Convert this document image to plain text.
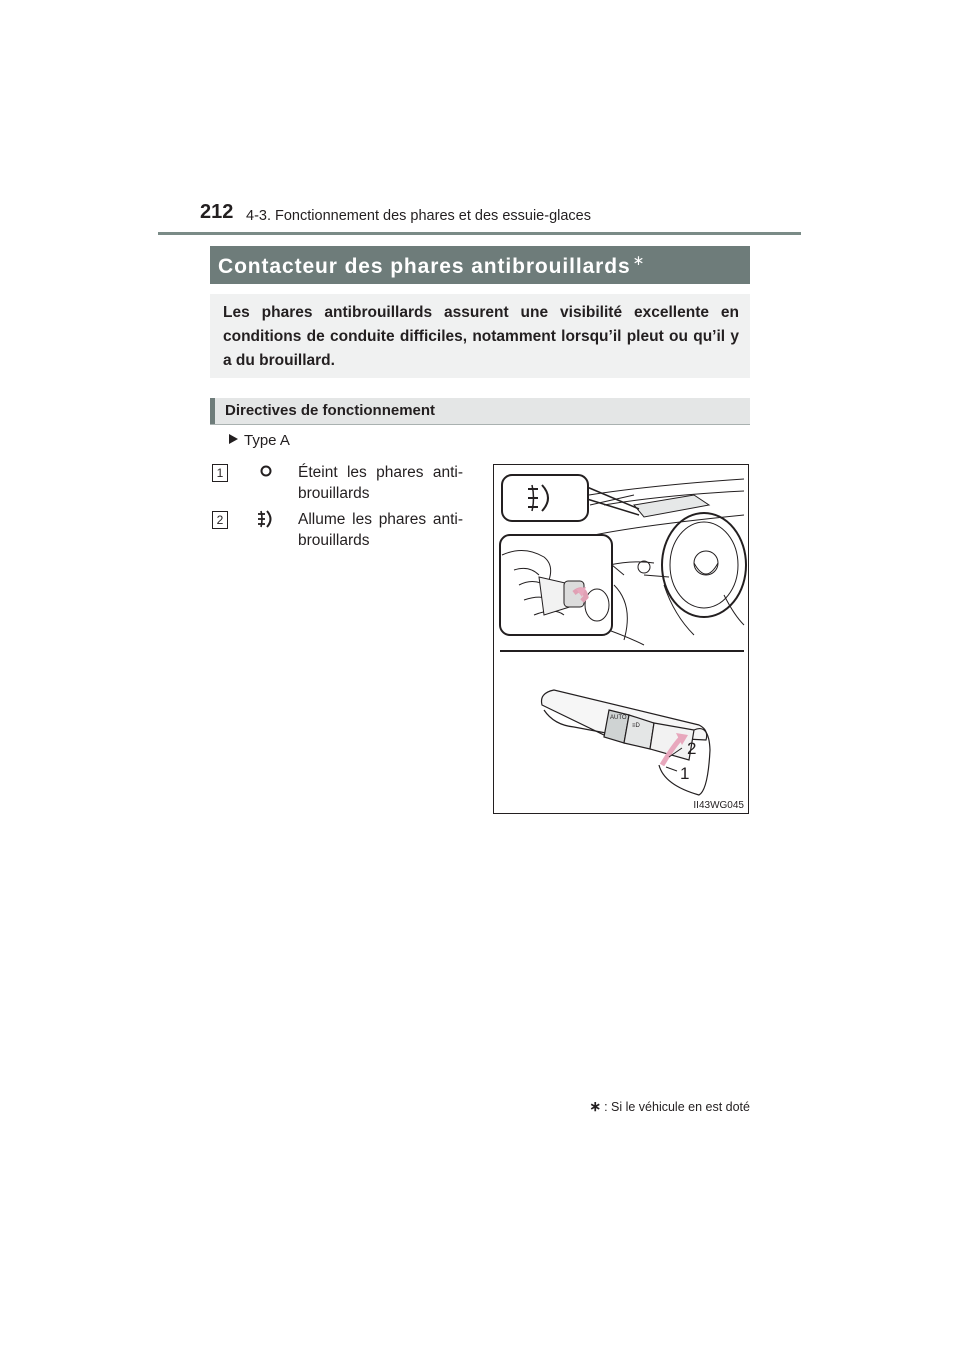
212 4-3. Fonctionnement des phares et des essuie-glaces
Contacteur des phares antibrouillards ∗
Les phares antibrouillards assurent une visibilité excellente en conditions de conduite difficiles, notamment lorsqu’il pleut ou qu’il y a du brouillard.
Directives de fonctionnement
Type A
1	Éteint les phares anti-brouillards
2	Allume les phares anti-brouillards
AUTO
≡D
2
1
II43WG045
∗ : Si le véhicule en est doté
